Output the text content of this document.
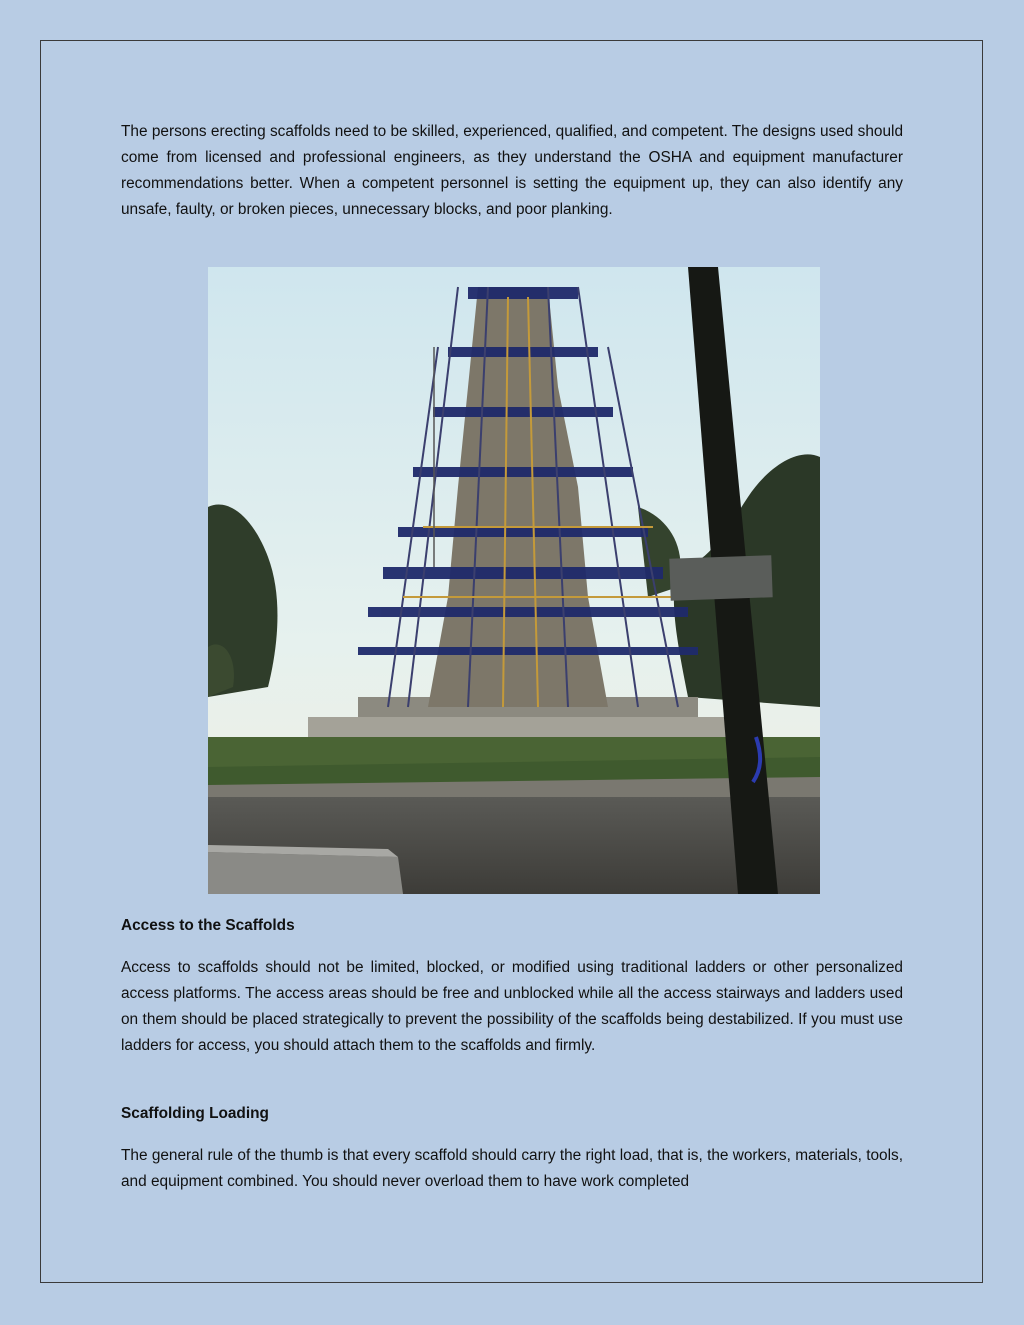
The persons erecting scaffolds need to be skilled, experienced, qualified, and competent. The designs used should come from licensed and professional engineers, as they understand the OSHA and equipment manufacturer recommendations better. When a competent personnel is setting the equipment up, they can also identify any unsafe, faulty, or broken pieces, unnecessary blocks, and poor planking.

Access to the Scaffolds

Access to scaffolds should not be limited, blocked, or modified using traditional ladders or other personalized access platforms. The access areas should be free and unblocked while all the access stairways and ladders used on them should be placed strategically to prevent the possibility of the scaffolds being destabilized. If you must use ladders for access, you should attach them to the scaffolds and firmly.

Scaffolding Loading

The general rule of the thumb is that every scaffold should carry the right load, that is, the workers, materials, tools, and equipment combined. You should never overload them to have work completed
